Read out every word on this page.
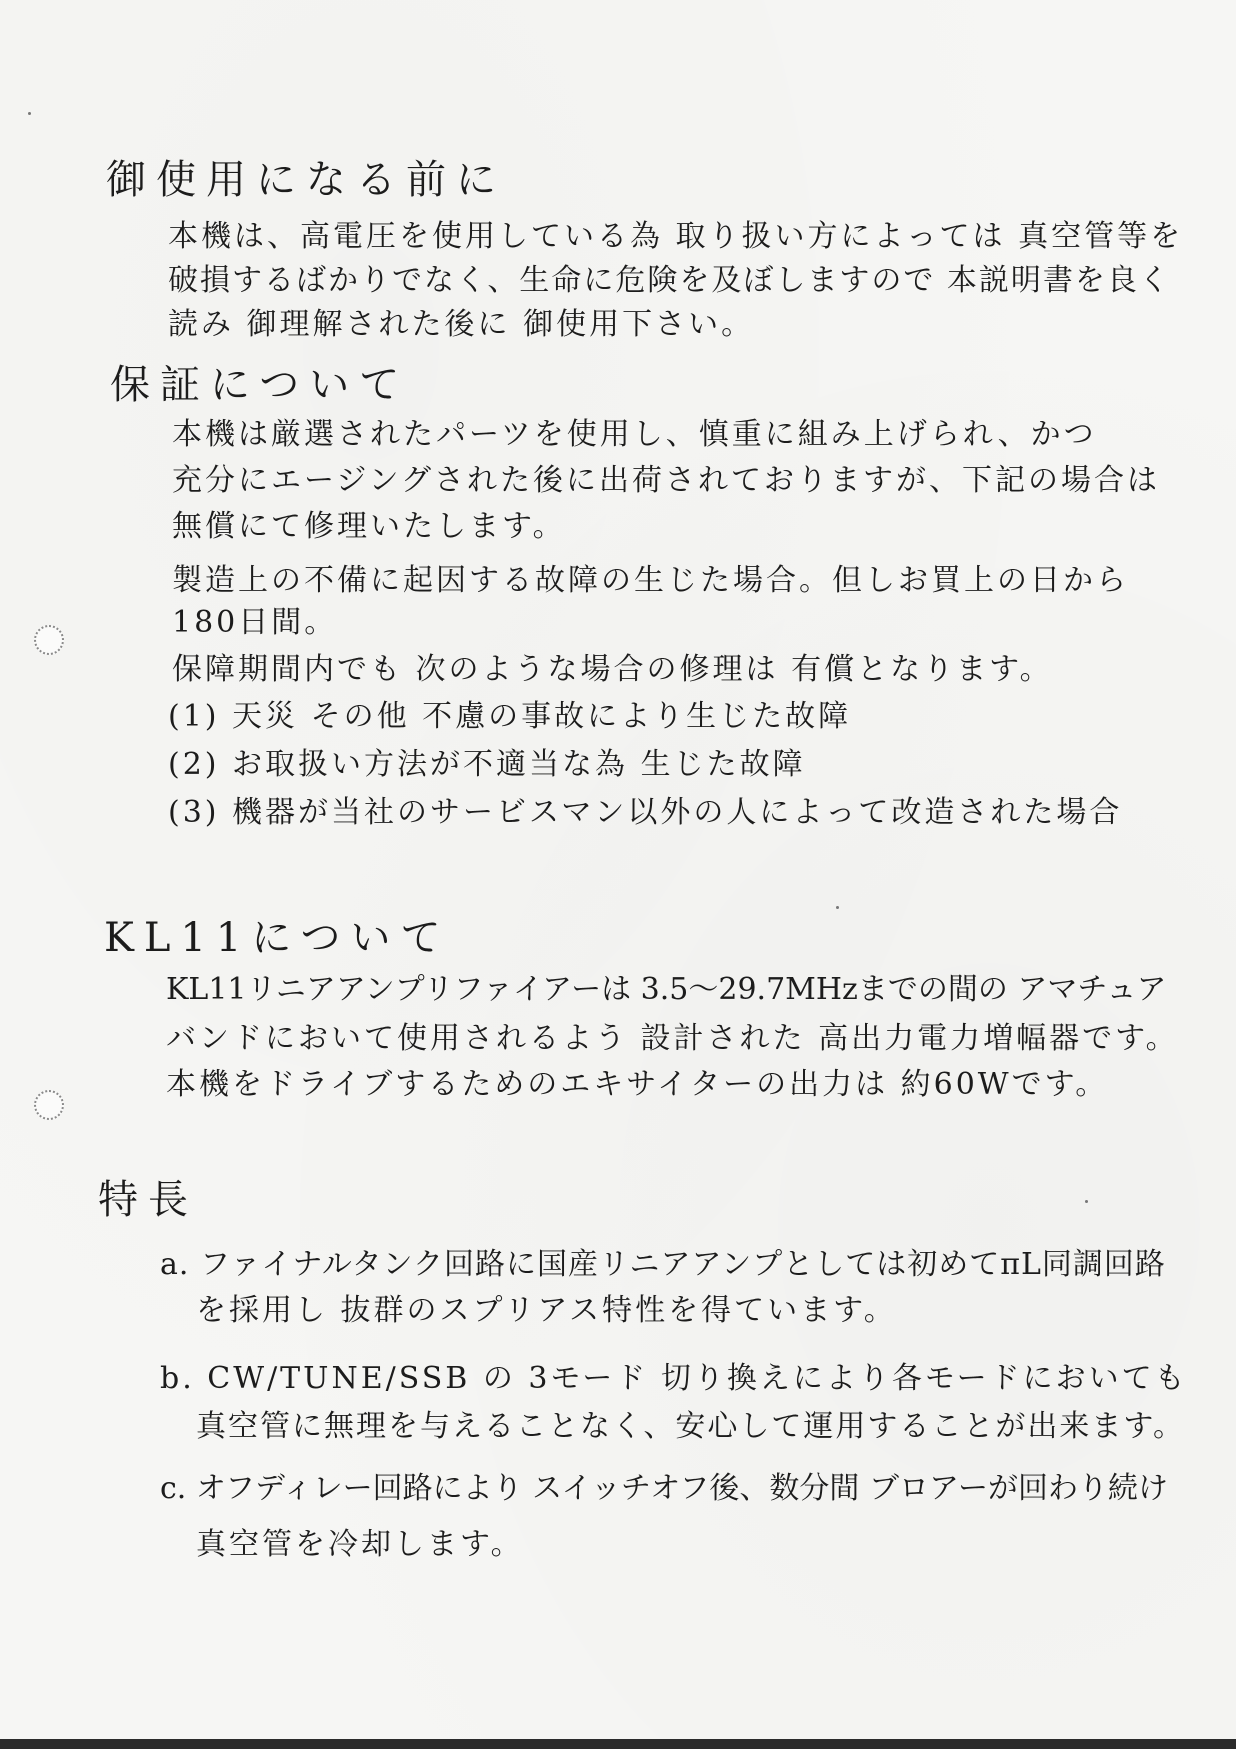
御使用になる前に
本機は、高電圧を使用している為 取り扱い方によっては 真空管等を
破損するばかりでなく、生命に危険を及ぼしますので 本説明書を良く
読み 御理解された後に 御使用下さい。
保証について
本機は厳選されたパーツを使用し、慎重に組み上げられ、かつ
充分にエージングされた後に出荷されておりますが、下記の場合は
無償にて修理いたします。
製造上の不備に起因する故障の生じた場合。但しお買上の日から
180日間。
保障期間内でも 次のような場合の修理は 有償となります。
(1) 天災 その他 不慮の事故により生じた故障
(2) お取扱い方法が不適当な為 生じた故障
(3) 機器が当社のサービスマン以外の人によって改造された場合
KL11について
KL11リニアアンプリファイアーは 3.5～29.7MHzまでの間の アマチュア
バンドにおいて使用されるよう 設計された 高出力電力増幅器です。
本機をドライブするためのエキサイターの出力は 約60Wです。
特長
a. ファイナルタンク回路に国産リニアアンプとしては初めてπL同調回路
を採用し 抜群のスプリアス特性を得ています。
b. CW/TUNE/SSB の 3モード 切り換えにより各モードにおいても
真空管に無理を与えることなく、安心して運用することが出来ます。
c. オフディレー回路により スイッチオフ後、数分間 ブロアーが回わり続け
真空管を冷却します。
